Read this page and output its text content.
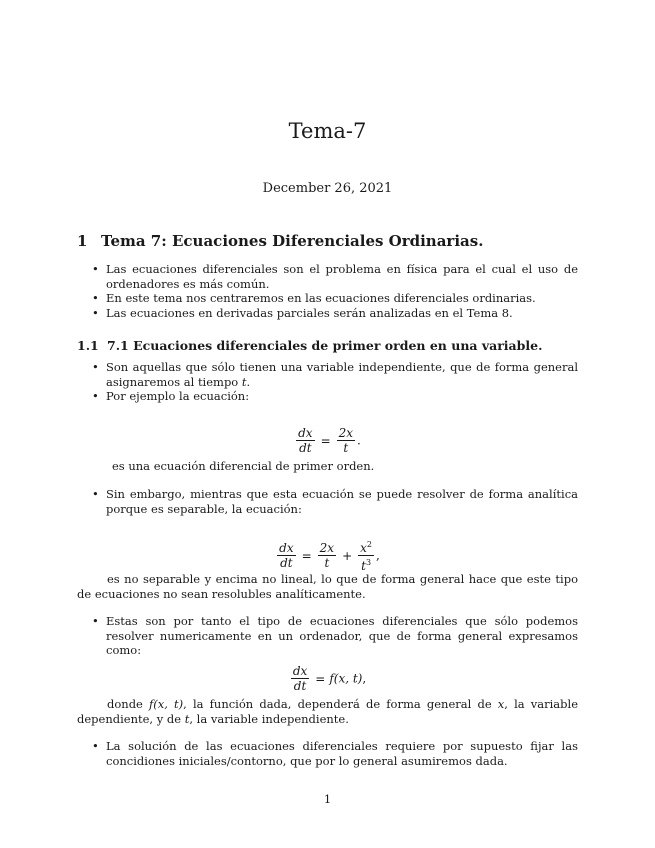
Tema-7
December 26, 2021
1 Tema 7: Ecuaciones Diferenciales Ordinarias.
• Las ecuaciones diferenciales son el problema en física para el cual el uso de ordenadores es más común.
• En este tema nos centraremos en las ecuaciones diferenciales ordinarias.
• Las ecuaciones en derivadas parciales serán analizadas en el Tema 8.
1.1 7.1 Ecuaciones diferenciales de primer orden en una variable.
• Son aquellas que sólo tienen una variable independiente, que de forma general asignaremos al tiempo t.
• Por ejemplo la ecuación:
$\frac{dx}{dt} = \frac{2x}{t}$ .
es una ecuación diferencial de primer orden.
• Sin embargo, mientras que esta ecuación se puede resolver de forma analítica porque es separable, la ecuación:
$\frac{dx}{dt} = \frac{2x}{t} + \frac{x^2}{t^3}$ ,
es no separable y encima no lineal, lo que de forma general hace que este tipo de ecuaciones no sean resolubles analíticamente.
• Estas son por tanto el tipo de ecuaciones diferenciales que sólo podemos resolver numericamente en un ordenador, que de forma general expresamos como:
$\frac{dx}{dt} = f(x$, t),
donde f(x, t), la función dada, dependerá de forma general de x, la variable dependiente, y de t, la variable independiente.
• La solución de las ecuaciones diferenciales requiere por supuesto fijar las concidiones iniciales/contorno, que por lo general asumiremos dada.
1
